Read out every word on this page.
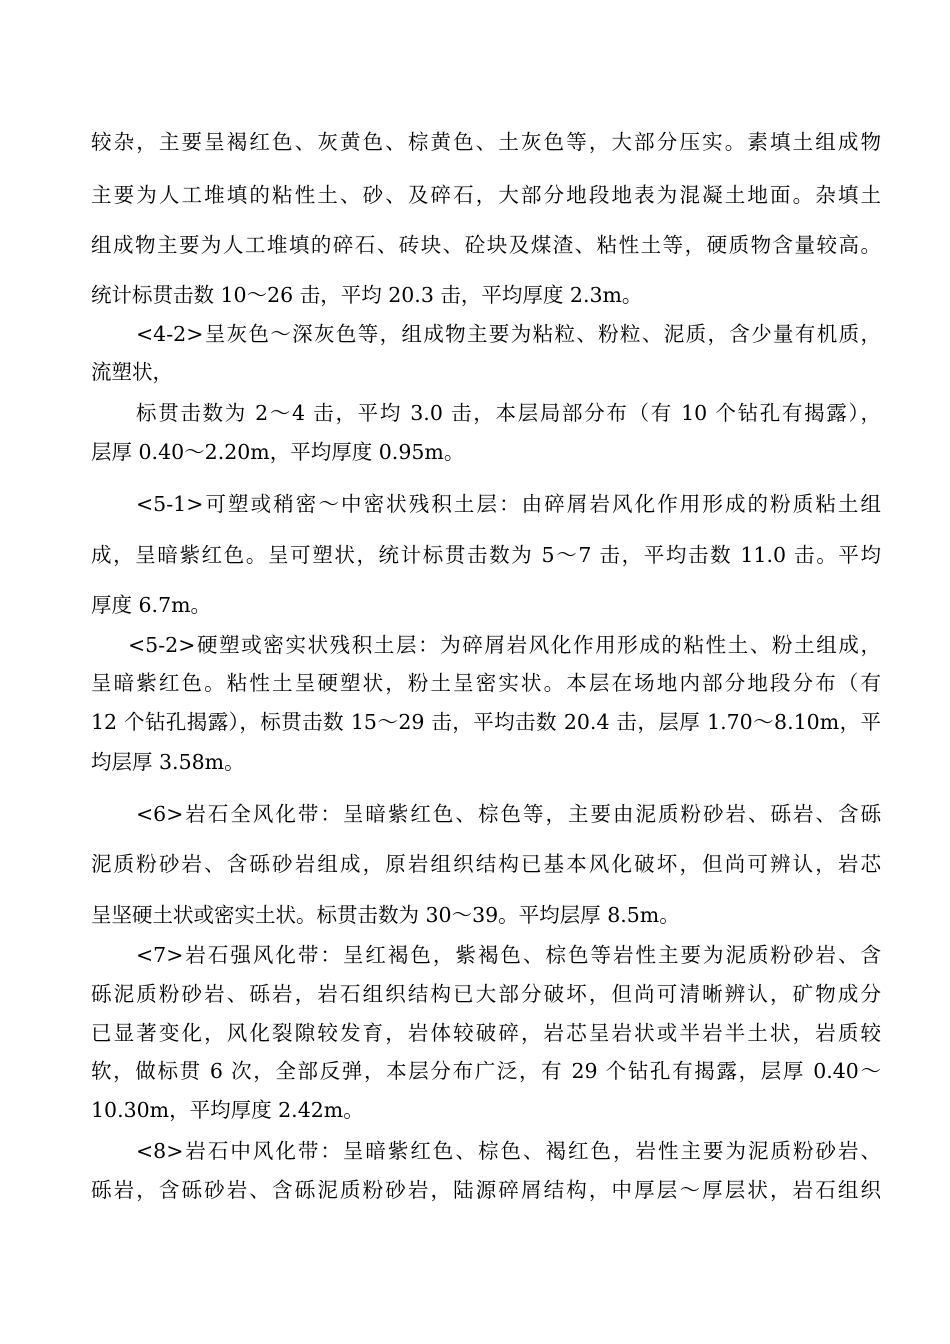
较杂，主要呈褐红色、灰黄色、棕黄色、土灰色等，大部分压实。素填土组成物
主要为人工堆填的粘性土、砂、及碎石，大部分地段地表为混凝土地面。杂填土
组成物主要为人工堆填的碎石、砖块、砼块及煤渣、粘性土等，硬质物含量较高。
统计标贯击数 10～26 击，平均 20.3 击，平均厚度 2.3m。
<4-2>呈灰色～深灰色等，组成物主要为粘粒、粉粒、泥质，含少量有机质，
流塑状，
标贯击数为 2～4 击，平均 3.0 击，本层局部分布（有 10 个钻孔有揭露），
层厚 0.40～2.20m，平均厚度 0.95m。
<5-1>可塑或稍密～中密状残积土层：由碎屑岩风化作用形成的粉质粘土组
成，呈暗紫红色。呈可塑状，统计标贯击数为 5～7 击，平均击数 11.0 击。平均
厚度 6.7m。
<5-2>硬塑或密实状残积土层：为碎屑岩风化作用形成的粘性土、粉土组成，
呈暗紫红色。粘性土呈硬塑状，粉土呈密实状。本层在场地内部分地段分布（有
12 个钻孔揭露），标贯击数 15～29 击，平均击数 20.4 击，层厚 1.70～8.10m，平
均层厚 3.58m。
<6>岩石全风化带：呈暗紫红色、棕色等，主要由泥质粉砂岩、砾岩、含砾
泥质粉砂岩、含砾砂岩组成，原岩组织结构已基本风化破坏，但尚可辨认，岩芯
呈坚硬土状或密实土状。标贯击数为 30～39。平均层厚 8.5m。
<7>岩石强风化带：呈红褐色，紫褐色、棕色等岩性主要为泥质粉砂岩、含
砾泥质粉砂岩、砾岩，岩石组织结构已大部分破坏，但尚可清晰辨认，矿物成分
已显著变化，风化裂隙较发育，岩体较破碎，岩芯呈岩状或半岩半土状，岩质较
软，做标贯 6 次，全部反弹，本层分布广泛，有 29 个钻孔有揭露，层厚 0.40～
10.30m，平均厚度 2.42m。
<8>岩石中风化带：呈暗紫红色、棕色、褐红色，岩性主要为泥质粉砂岩、
砾岩，含砾砂岩、含砾泥质粉砂岩，陆源碎屑结构，中厚层～厚层状，岩石组织
